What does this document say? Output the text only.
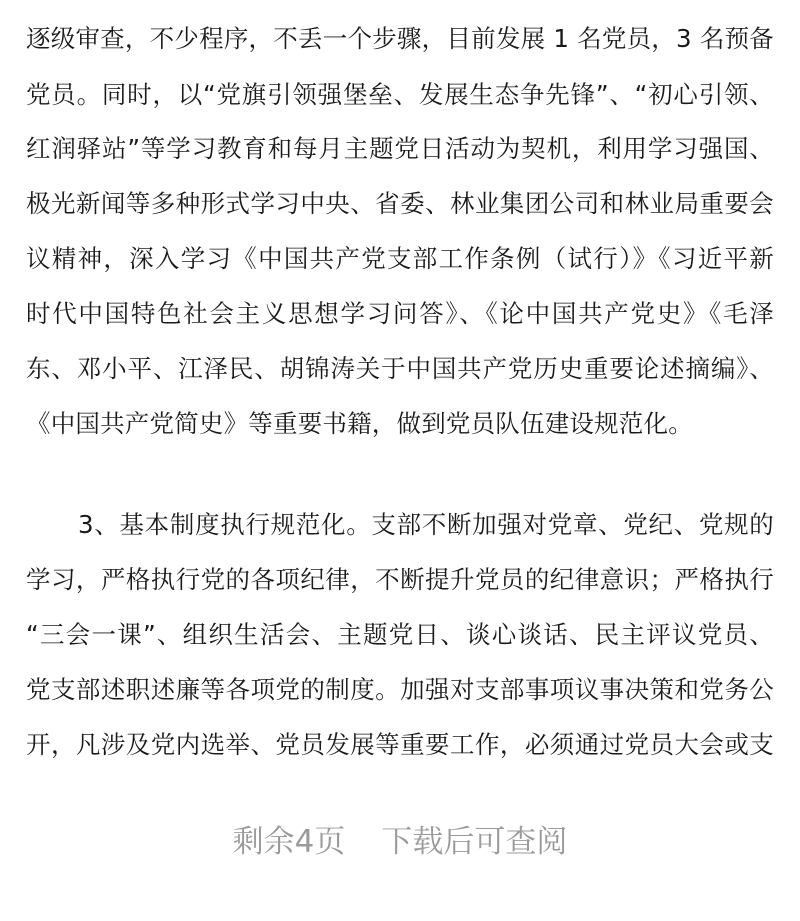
逐级审查，不少程序，不丢一个步骤，目前发展 1 名党员，3 名预备
党员。同时，以“党旗引领强堡垒、发展生态争先锋”、“初心引领、
红润驿站”等学习教育和每月主题党日活动为契机，利用学习强国、
极光新闻等多种形式学习中央、省委、林业集团公司和林业局重要会
议精神，深入学习《中国共产党支部工作条例（试行）》《习近平新
时代中国特色社会主义思想学习问答》、《论中国共产党史》《毛泽
东、邓小平、江泽民、胡锦涛关于中国共产党历史重要论述摘编》、
《中国共产党简史》等重要书籍，做到党员队伍建设规范化。
3、基本制度执行规范化。支部不断加强对党章、党纪、党规的
学习，严格执行党的各项纪律，不断提升党员的纪律意识；严格执行
“三会一课”、组织生活会、主题党日、谈心谈话、民主评议党员、
党支部述职述廉等各项党的制度。加强对支部事项议事决策和党务公
开，凡涉及党内选举、党员发展等重要工作，必须通过党员大会或支
剩余4页 下载后可查阅
